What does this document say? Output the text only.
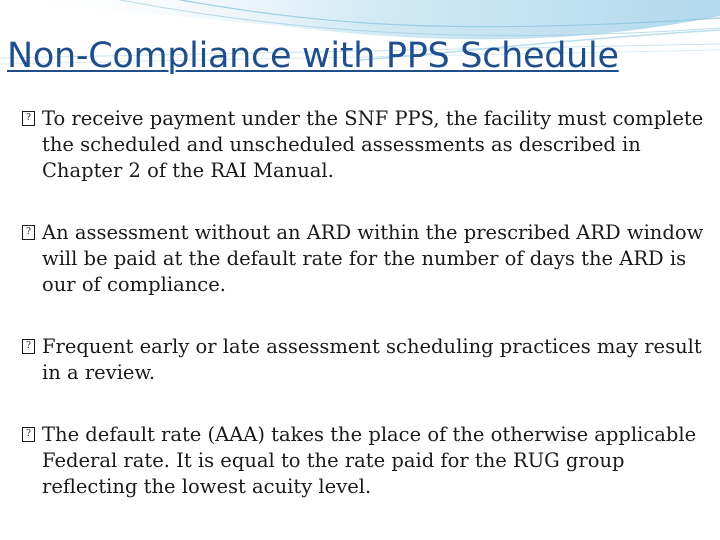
Non-Compliance with PPS Schedule
? To receive payment under the SNF PPS, the facility must complete the scheduled and unscheduled assessments as described in Chapter 2 of the RAI Manual.
? An assessment without an ARD within the prescribed ARD window will be paid at the default rate for the number of days the ARD is our of compliance.
? Frequent early or late assessment scheduling practices may result in a review.
? The default rate (AAA) takes the place of the otherwise applicable Federal rate. It is equal to the rate paid for the RUG group reflecting the lowest acuity level.
